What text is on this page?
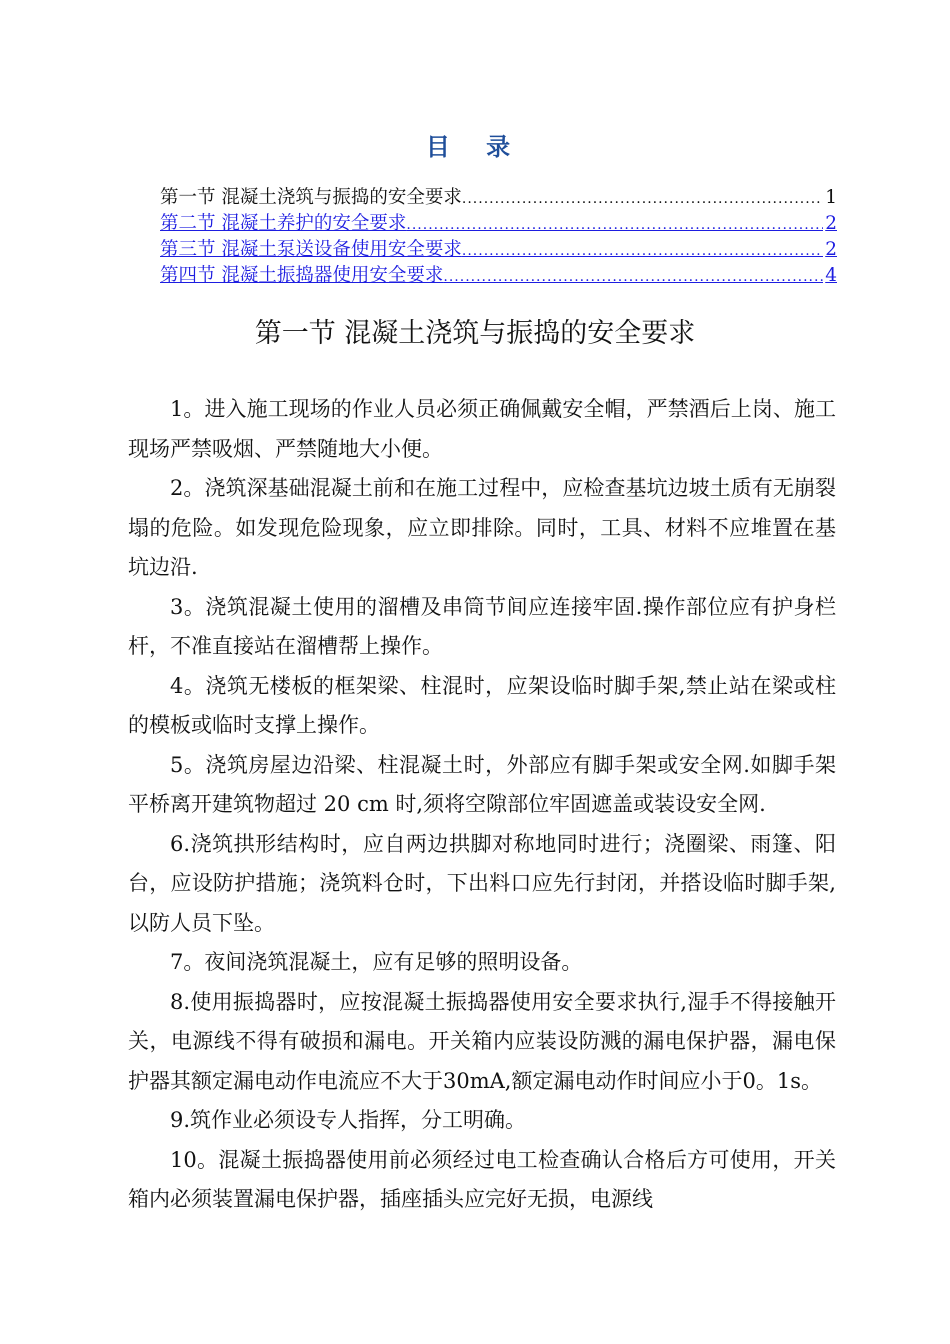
目 录
第一节 混凝土浇筑与振捣的安全要求 .....	1
第二节 混凝土养护的安全要求 .....	2
第三节 混凝土泵送设备使用安全要求 .....	2
第四节 混凝土振捣器使用安全要求 .....	4
第一节 混凝土浇筑与振捣的安全要求

1。进入施工现场的作业人员必须正确佩戴安全帽，严禁酒后上岗、施工现场严禁吸烟、严禁随地大小便。

2。浇筑深基础混凝土前和在施工过程中，应检查基坑边坡土质有无崩裂塌的危险。如发现危险现象，应立即排除。同时，工具、材料不应堆置在基坑边沿.

3。浇筑混凝土使用的溜槽及串筒节间应连接牢固.操作部位应有护身栏杆，不准直接站在溜槽帮上操作。

4。浇筑无楼板的框架梁、柱混时，应架设临时脚手架,禁止站在梁或柱的模板或临时支撑上操作。

5。浇筑房屋边沿梁、柱混凝土时，外部应有脚手架或安全网.如脚手架平桥离开建筑物超过 20 cm 时,须将空隙部位牢固遮盖或装设安全网.

6.浇筑拱形结构时，应自两边拱脚对称地同时进行；浇圈梁、雨篷、阳台，应设防护措施；浇筑料仓时，下出料口应先行封闭，并搭设临时脚手架,以防人员下坠。

7。夜间浇筑混凝土，应有足够的照明设备。

8.使用振捣器时，应按混凝土振捣器使用安全要求执行,湿手不得接触开关，电源线不得有破损和漏电。开关箱内应装设防溅的漏电保护器，漏电保护器其额定漏电动作电流应不大于30mA,额定漏电动作时间应小于0。1s。

9.筑作业必须设专人指挥，分工明确。

10。混凝土振捣器使用前必须经过电工检查确认合格后方可使用，开关箱内必须装置漏电保护器，插座插头应完好无损，电源线
